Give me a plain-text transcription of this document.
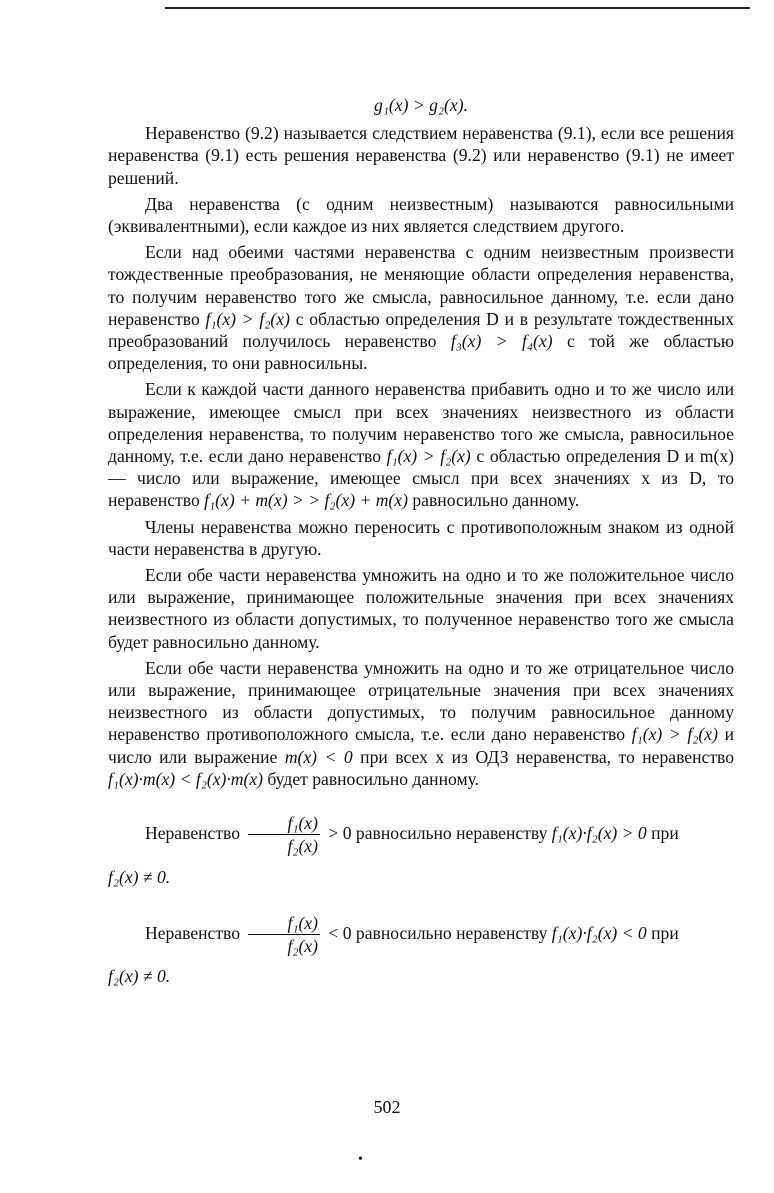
g₁(x) > g₂(x).

Неравенство (9.2) называется следствием неравенства (9.1), если все решения неравенства (9.1) есть решения неравенства (9.2) или неравенство (9.1) не имеет решений.

Два неравенства (с одним неизвестным) называются равносильными (эквивалентными), если каждое из них является следствием другого.

Если над обеими частями неравенства с одним неизвестным произвести тождественные преобразования, не меняющие области определения неравенства, то получим неравенство того же смысла, равносильное данному, т.е. если дано неравенство f₁(x) > f₂(x) с областью определения D и в результате тождественных преобразований получилось неравенство f₃(x) > f₄(x) с той же областью определения, то они равносильны.

Если к каждой части данного неравенства прибавить одно и то же число или выражение, имеющее смысл при всех значениях неизвестного из области определения неравенства, то получим неравенство того же смысла, равносильное данному, т.е. если дано неравенство f₁(x) > f₂(x) с областью определения D и m(x) — число или выражение, имеющее смысл при всех значениях x из D, то неравенство f₁(x) + m(x) > > f₂(x) + m(x) равносильно данному.

Члены неравенства можно переносить с противоположным знаком из одной части неравенства в другую.

Если обе части неравенства умножить на одно и то же положительное число или выражение, принимающее положительные значения при всех значениях неизвестного из области допустимых, то полученное неравенство того же смысла будет равносильно данному.

Если обе части неравенства умножить на одно и то же отрицательное число или выражение, принимающее отрицательные значения при всех значениях неизвестного из области допустимых, то получим равносильное данному неравенство противоположного смысла, т.е. если дано неравенство f₁(x) > f₂(x) и число или выражение m(x) < 0 при всех x из ОДЗ неравенства, то неравенство f₁(x)·m(x) < f₂(x)·m(x) будет равносильно данному.

Неравенство $\frac{\text{f₁(x)}}{\text{f₂(x)}} > 0$ равносильно неравенству f₁(x)·f₂(x) > 0 при

f₂(x) ≠ 0.

Неравенство $\frac{\text{f₁(x)}}{\text{f₂(x)}} < 0$ равносильно неравенству f₁(x)·f₂(x) < 0 при

f₂(x) ≠ 0.

502
•
